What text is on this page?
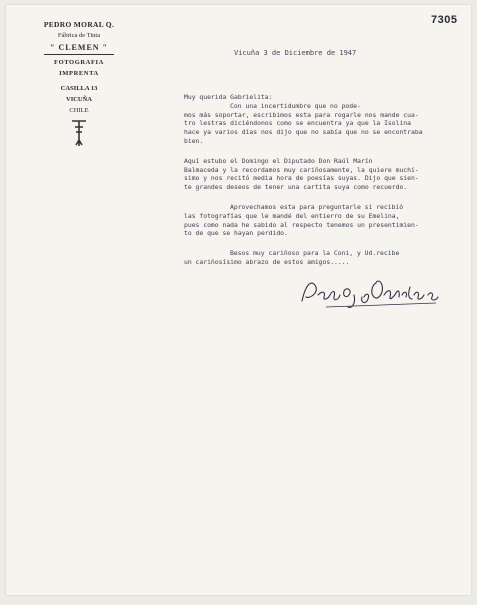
7305
PEDRO MORAL Q.
Fábrica de Tinta
" CLEMEN "
FOTOGRAFIA
IMPRENTA
CASILLA 13
VICUÑA
CHILE
Vicuña 3 de Diciembre de 1947
Muy querida Gabrielita:
Con una incertidumbre que no pode-
mos más soportar, escribimos esta para rogarle nos mande cua-
tro lestras diciéndonos como se encuentra ya que la Isolina
hace ya varios días nos dijo que no sabía que no se encontraba
bien.
Aquí estubo el Domingo el Diputado Don Raúl Marín
Balmaceda y la recordamos muy cariñosamente, la quiere muchí-
simo y nos recitó media hora de poesías suyas. Dijo que sien-
te grandes deseos de tener una cartita suya como recuerdo.
Aprovechamos esta para preguntarle si recibió
las fotografías que le mandé del entierro de su Emelina,
pues como nada he sabido al respecto tenemos un presentimien-
to de que se hayan perdido.
Besos muy cariñoso para la Coni, y Ud.recibe
un cariñosísimo abrazo de estos amigos.....
